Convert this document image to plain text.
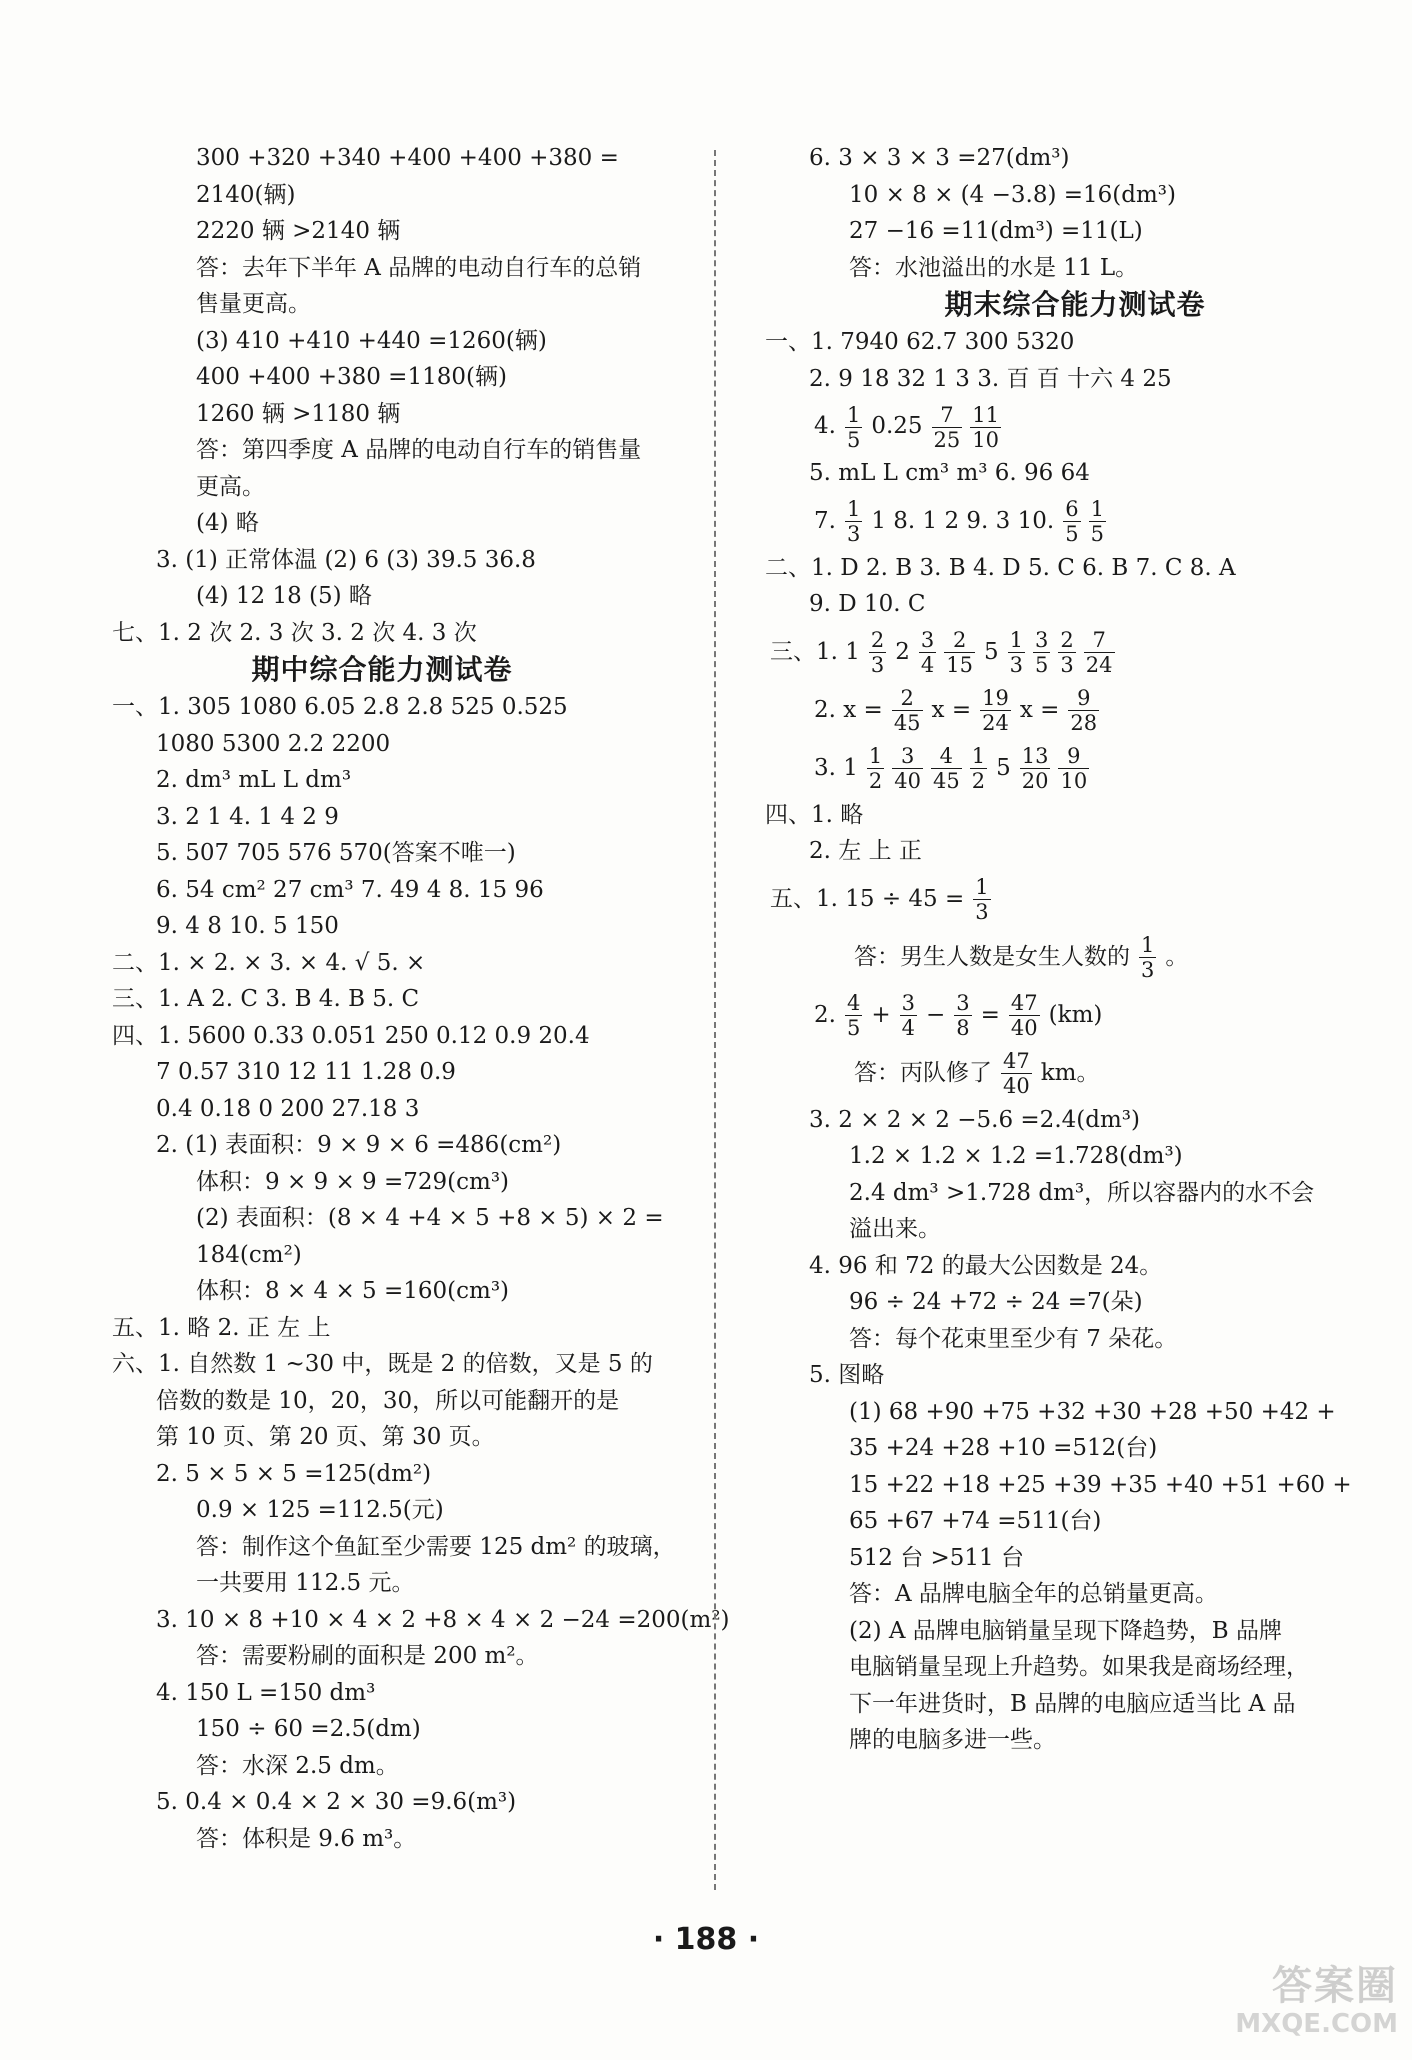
300 +320 +340 +400 +400 +380 =
2140(辆)
2220 辆 >2140 辆
答：去年下半年 A 品牌的电动自行车的总销
售量更高。
(3) 410 +410 +440 =1260(辆)
400 +400 +380 =1180(辆)
1260 辆 >1180 辆
答：第四季度 A 品牌的电动自行车的销售量
更高。
(4) 略
3. (1) 正常体温 (2) 6 (3) 39.5 36.8
(4) 12 18 (5) 略
七、1. 2 次 2. 3 次 3. 2 次 4. 3 次
期中综合能力测试卷
一、1. 305 1080 6.05 2.8 2.8 525 0.525
1080 5300 2.2 2200
2. dm³ mL L dm³
3. 2 1 4. 1 4 2 9
5. 507 705 576 570(答案不唯一)
6. 54 cm² 27 cm³ 7. 49 4 8. 15 96
9. 4 8 10. 5 150
二、1. × 2. × 3. × 4. √ 5. ×
三、1. A 2. C 3. B 4. B 5. C
四、1. 5600 0.33 0.051 250 0.12 0.9 20.4
7 0.57 310 12 11 1.28 0.9
0.4 0.18 0 200 27.18 3
2. (1) 表面积：9 × 9 × 6 =486(cm²)
体积：9 × 9 × 9 =729(cm³)
(2) 表面积：(8 × 4 +4 × 5 +8 × 5) × 2 =
184(cm²)
体积：8 × 4 × 5 =160(cm³)
五、1. 略 2. 正 左 上
六、1. 自然数 1 ~30 中，既是 2 的倍数，又是 5 的
倍数的数是 10，20，30，所以可能翻开的是
第 10 页、第 20 页、第 30 页。
2. 5 × 5 × 5 =125(dm²)
0.9 × 125 =112.5(元)
答：制作这个鱼缸至少需要 125 dm² 的玻璃，
一共要用 112.5 元。
3. 10 × 8 +10 × 4 × 2 +8 × 4 × 2 −24 =200(m²)
答：需要粉刷的面积是 200 m²。
4. 150 L =150 dm³
150 ÷ 60 =2.5(dm)
答：水深 2.5 dm。
5. 0.4 × 0.4 × 2 × 30 =9.6(m³)
答：体积是 9.6 m³。
6. 3 × 3 × 3 =27(dm³)
10 × 8 × (4 −3.8) =16(dm³)
27 −16 =11(dm³) =11(L)
答：水池溢出的水是 11 L。
期末综合能力测试卷
一、1. 7940 62.7 300 5320
2. 9 18 32 1 3 3. 百 百 十六 4 25
4. $\frac{1}{5} 0.25 \frac{7}{25} \frac{11}{10}$
5. mL L cm³ m³ 6. 96 64
7. $\frac{1}{3} 1$ 8. 1 2 9. 3 10. $\frac{6}{5} \frac{1}{5}$
二、1. D 2. B 3. B 4. D 5. C 6. B 7. C 8. A
9. D 10. C
三、1. $1 \frac{2}{3} 2 \frac{3}{4} \frac{2}{15} 5 \frac{1}{3} \frac{3}{5} \frac{2}{3} \frac{7}{24}$
2. $x = \frac{2}{45}$ $x = \frac{19}{24}$ $x = \frac{9}{28}$
3. $1 \frac{1}{2} \frac{3}{40} \frac{4}{45} \frac{1}{2} 5 \frac{13}{20} \frac{9}{10}$
四、1. 略
2. 左 上 正
五、1. $15 \div 45 = \frac{1}{3}$
答：男生人数是女生人数的 $\frac{1}{3}$ 。
2. $\frac{4}{5} + \frac{3}{4} - \frac{3}{8} = \frac{47}{40} (km)$
答：丙队修了 $\frac{47}{40}$ km。
3. 2 × 2 × 2 −5.6 =2.4(dm³)
1.2 × 1.2 × 1.2 =1.728(dm³)
2.4 dm³ >1.728 dm³，所以容器内的水不会
溢出来。
4. 96 和 72 的最大公因数是 24。
96 ÷ 24 +72 ÷ 24 =7(朵)
答：每个花束里至少有 7 朵花。
5. 图略
(1) 68 +90 +75 +32 +30 +28 +50 +42 +
35 +24 +28 +10 =512(台)
15 +22 +18 +25 +39 +35 +40 +51 +60 +
65 +67 +74 =511(台)
512 台 >511 台
答：A 品牌电脑全年的总销量更高。
(2) A 品牌电脑销量呈现下降趋势，B 品牌
电脑销量呈现上升趋势。如果我是商场经理，
下一年进货时，B 品牌的电脑应适当比 A 品
牌的电脑多进一些。
· 188 ·
答案圈
MXQE.COM
